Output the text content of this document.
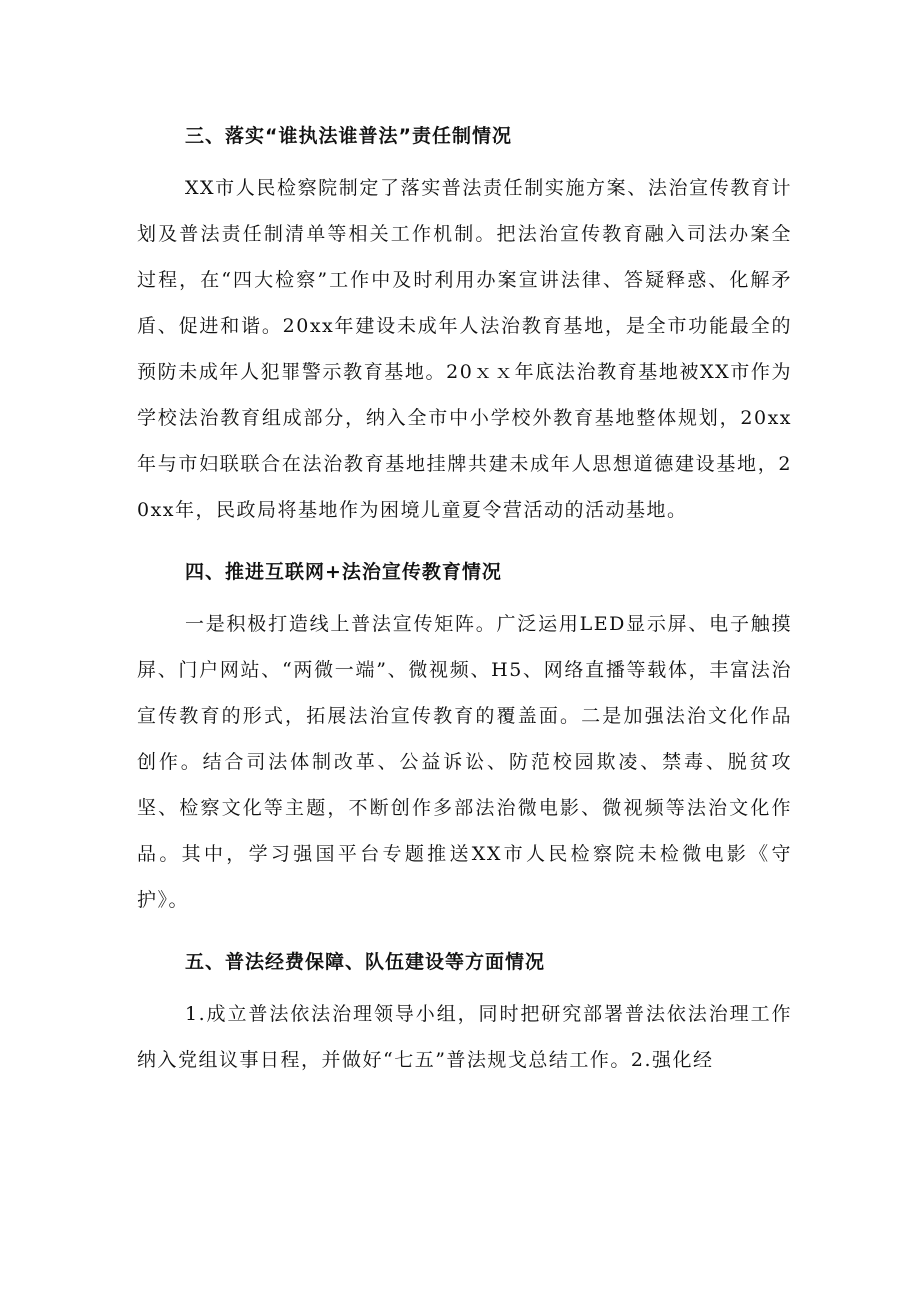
三、落实“谁执法谁普法”责任制情况

XX市人民检察院制定了落实普法责任制实施方案、法治宣传教育计划及普法责任制清单等相关工作机制。把法治宣传教育融入司法办案全过程，在“四大检察”工作中及时利用办案宣讲法律、答疑释惑、化解矛盾、促进和谐。20xx年建设未成年人法治教育基地，是全市功能最全的预防未成年人犯罪警示教育基地。20ｘｘ年底法治教育基地被XX市作为学校法治教育组成部分，纳入全市中小学校外教育基地整体规划，20xx年与市妇联联合在法治教育基地挂牌共建未成年人思想道德建设基地，20xx年，民政局将基地作为困境儿童夏令营活动的活动基地。

四、推进互联网+法治宣传教育情况

一是积极打造线上普法宣传矩阵。广泛运用LED显示屏、电子触摸屏、门户网站、“两微一端”、微视频、H5、网络直播等载体，丰富法治宣传教育的形式，拓展法治宣传教育的覆盖面。二是加强法治文化作品创作。结合司法体制改革、公益诉讼、防范校园欺凌、禁毒、脱贫攻坚、检察文化等主题，不断创作多部法治微电影、微视频等法治文化作品。其中，学习强国平台专题推送XX市人民检察院未检微电影《守护》。

五、普法经费保障、队伍建设等方面情况

1.成立普法依法治理领导小组，同时把研究部署普法依法治理工作纳入党组议事日程，并做好“七五”普法规戈总结工作。2.强化经
